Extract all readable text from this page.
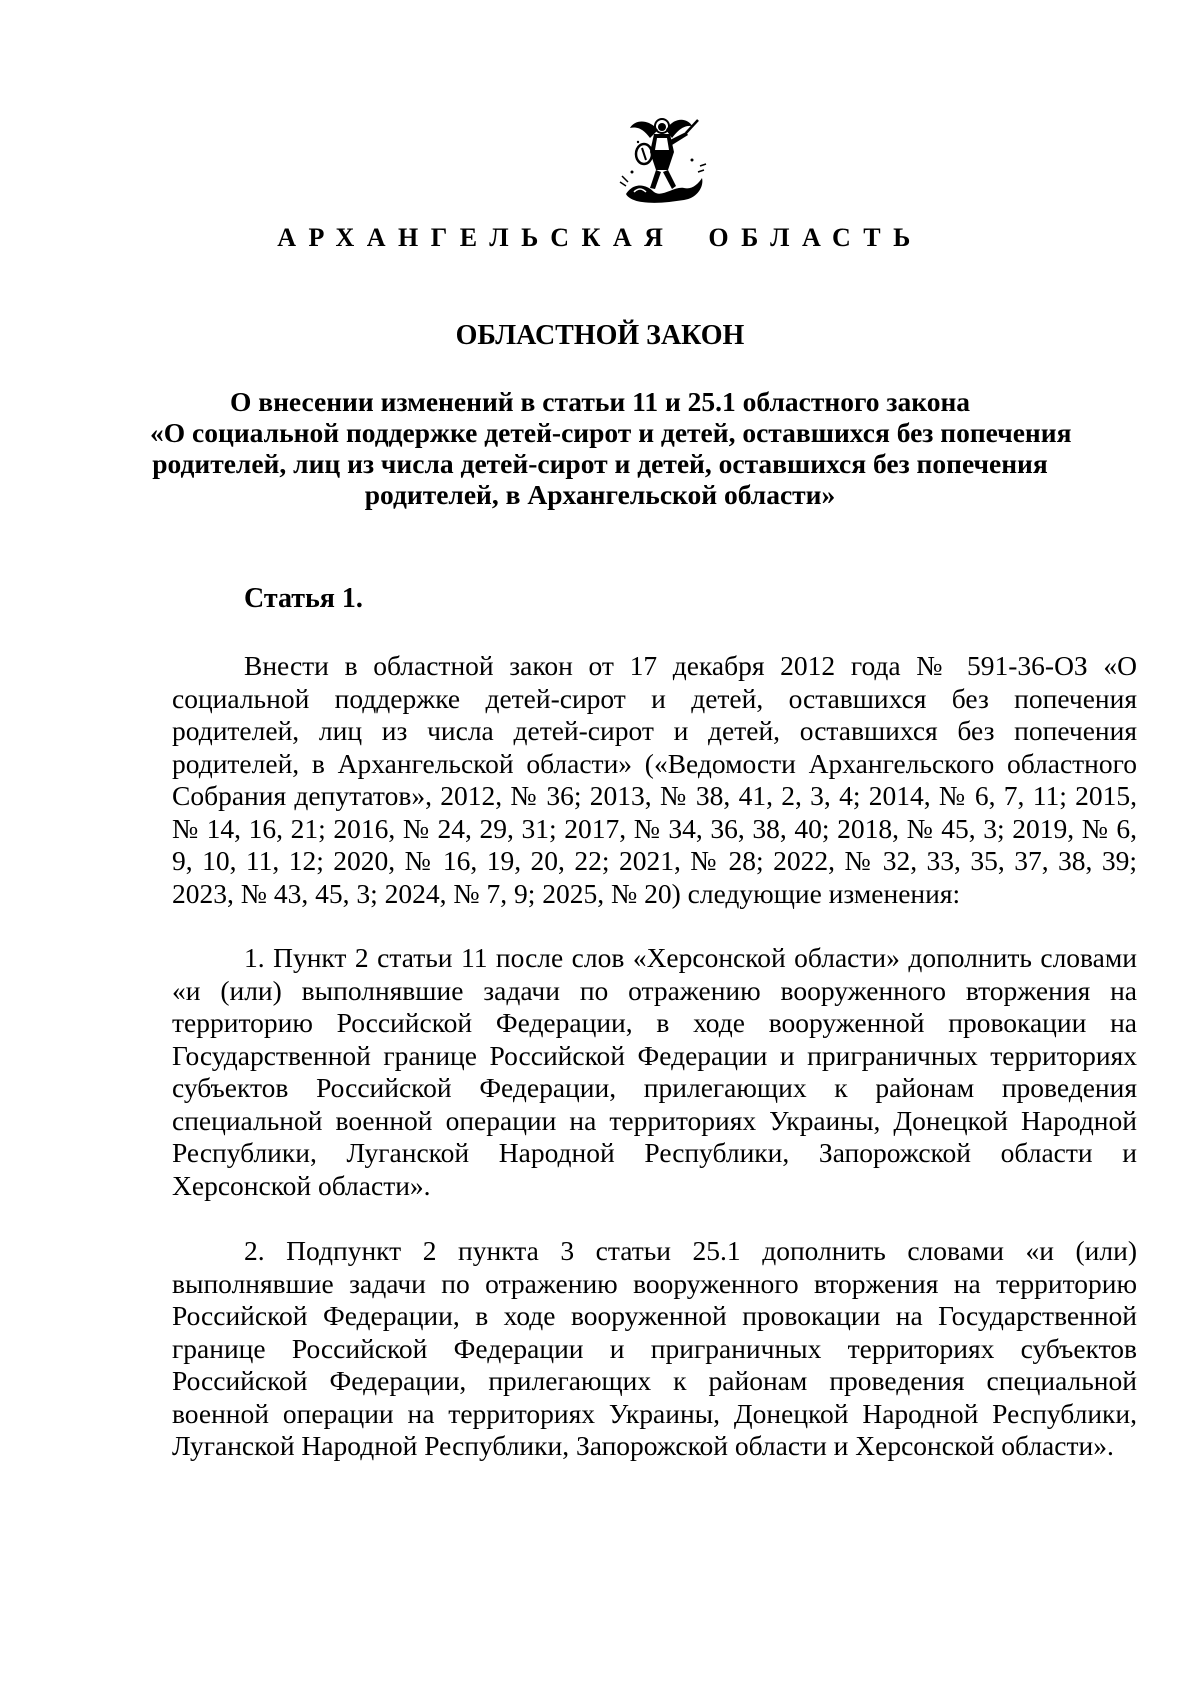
АРХАНГЕЛЬСКАЯ ОБЛАСТЬ
ОБЛАСТНОЙ ЗАКОН
О внесении изменений в статьи 11 и 25.1 областного закона
«О социальной поддержке детей-сирот и детей, оставшихся без попечения
родителей, лиц из числа детей-сирот и детей, оставшихся без попечения
родителей, в Архангельской области»
Статья 1.

Внести в областной закон от 17 декабря 2012 года № 591-36-ОЗ «О социальной поддержке детей-сирот и детей, оставшихся без попечения родителей, лиц из числа детей-сирот и детей, оставшихся без попечения родителей, в Архангельской области» («Ведомости Архангельского областного Собрания депутатов», 2012, № 36; 2013, № 38, 41, 2, 3, 4; 2014, № 6, 7, 11; 2015, № 14, 16, 21; 2016, № 24, 29, 31; 2017, № 34, 36, 38, 40; 2018, № 45, 3; 2019, № 6, 9, 10, 11, 12; 2020, № 16, 19, 20, 22; 2021, № 28; 2022, № 32, 33, 35, 37, 38, 39; 2023, № 43, 45, 3; 2024, № 7, 9; 2025, № 20) следующие изменения:

1. Пункт 2 статьи 11 после слов «Херсонской области» дополнить словами «и (или) выполнявшие задачи по отражению вооруженного вторжения на территорию Российской Федерации, в ходе вооруженной провокации на Государственной границе Российской Федерации и приграничных территориях субъектов Российской Федерации, прилегающих к районам проведения специальной военной операции на территориях Украины, Донецкой Народной Республики, Луганской Народной Республики, Запорожской области и Херсонской области».

2. Подпункт 2 пункта 3 статьи 25.1 дополнить словами «и (или) выполнявшие задачи по отражению вооруженного вторжения на территорию Российской Федерации, в ходе вооруженной провокации на Государственной границе Российской Федерации и приграничных территориях субъектов Российской Федерации, прилегающих к районам проведения специальной военной операции на территориях Украины, Донецкой Народной Республики, Луганской Народной Республики, Запорожской области и Херсонской области».
